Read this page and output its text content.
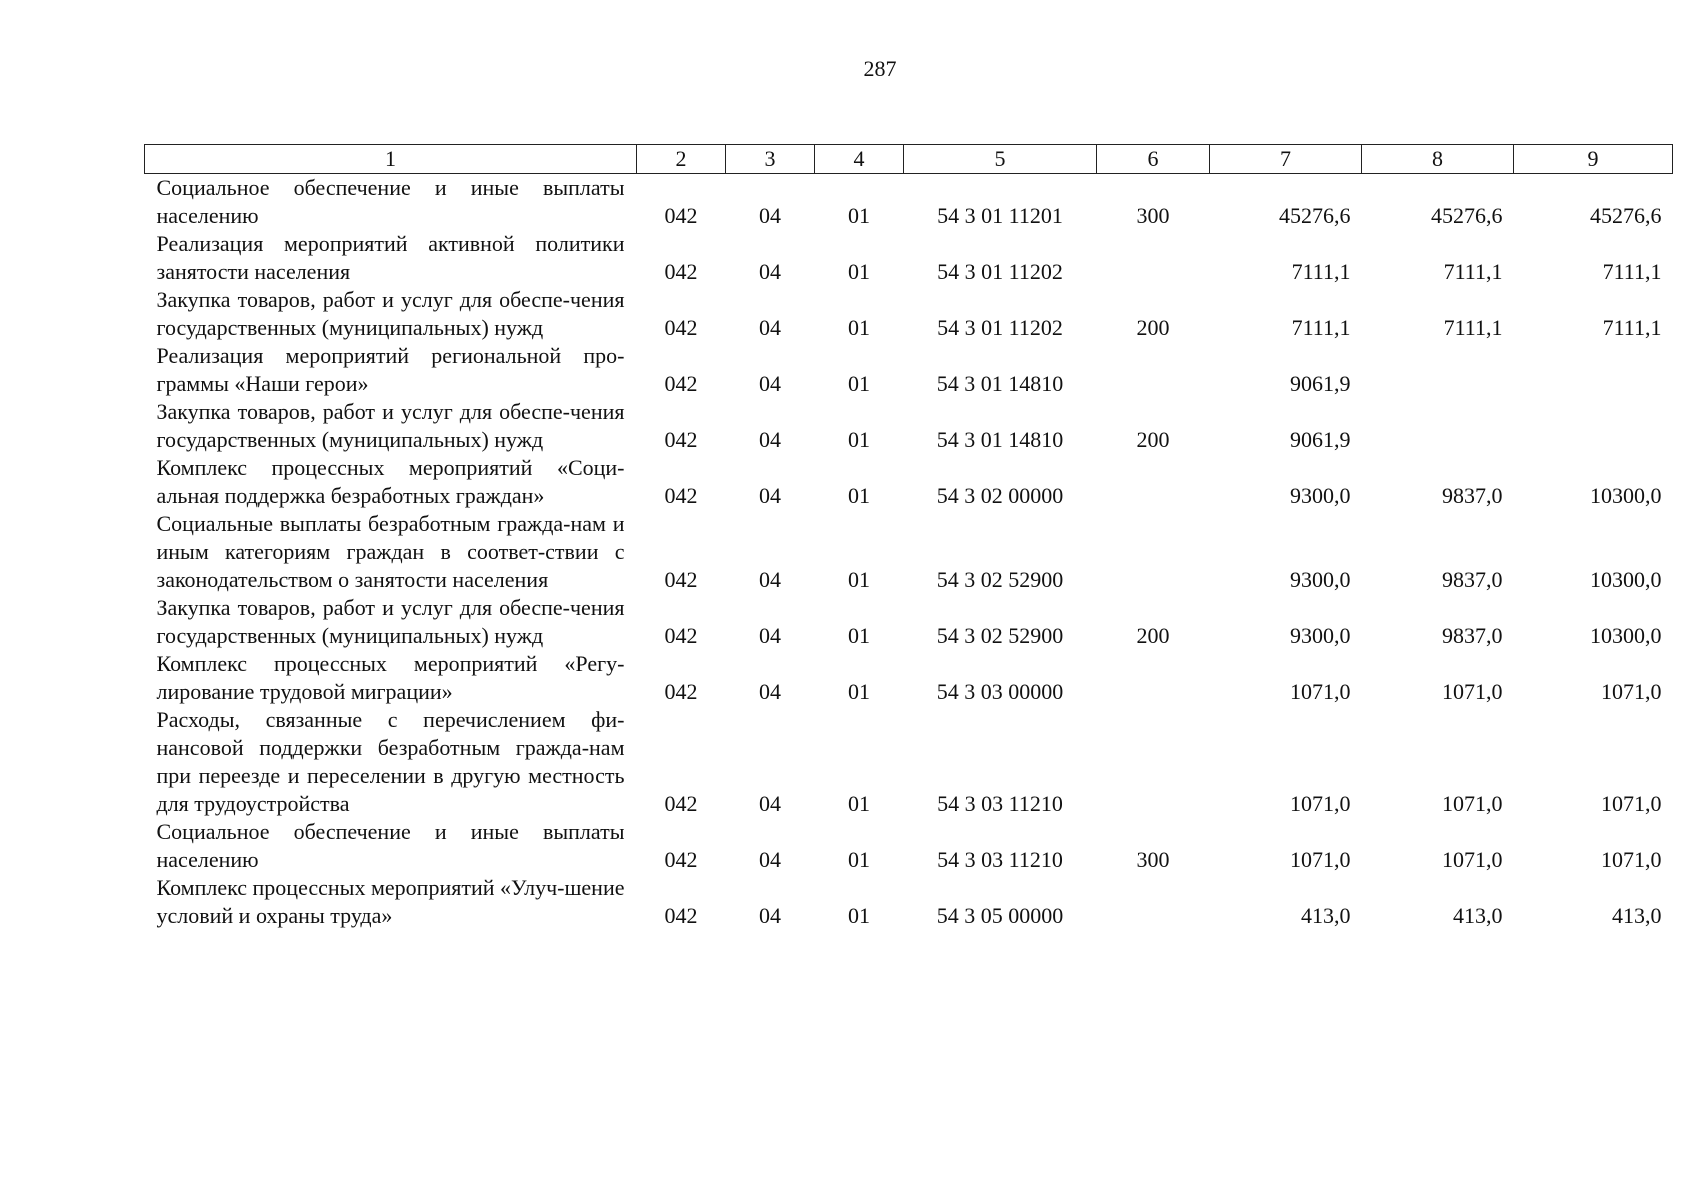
287
1	2	3	4	5	6	7	8	9
Социальное обеспечение и иные выплаты населению	042	04	01	54 3 01 11201	300	45276,6	45276,6	45276,6
Реализация мероприятий активной политики занятости населения	042	04	01	54 3 01 11202		7111,1	7111,1	7111,1
Закупка товаров, работ и услуг для обеспе-чения государственных (муниципальных) нужд	042	04	01	54 3 01 11202	200	7111,1	7111,1	7111,1
Реализация мероприятий региональной про-граммы «Наши герои»	042	04	01	54 3 01 14810		9061,9		
Закупка товаров, работ и услуг для обеспе-чения государственных (муниципальных) нужд	042	04	01	54 3 01 14810	200	9061,9		
Комплекс процессных мероприятий «Соци-альная поддержка безработных граждан»	042	04	01	54 3 02 00000		9300,0	9837,0	10300,0
Социальные выплаты безработным гражда-нам и иным категориям граждан в соответ-ствии с законодательством о занятости населения	042	04	01	54 3 02 52900		9300,0	9837,0	10300,0
Закупка товаров, работ и услуг для обеспе-чения государственных (муниципальных) нужд	042	04	01	54 3 02 52900	200	9300,0	9837,0	10300,0
Комплекс процессных мероприятий «Регу-лирование трудовой миграции»	042	04	01	54 3 03 00000		1071,0	1071,0	1071,0
Расходы, связанные с перечислением фи-нансовой поддержки безработным гражда-нам при переезде и переселении в другую местность для трудоустройства	042	04	01	54 3 03 11210		1071,0	1071,0	1071,0
Социальное обеспечение и иные выплаты населению	042	04	01	54 3 03 11210	300	1071,0	1071,0	1071,0
Комплекс процессных мероприятий «Улуч-шение условий и охраны труда»	042	04	01	54 3 05 00000		413,0	413,0	413,0
